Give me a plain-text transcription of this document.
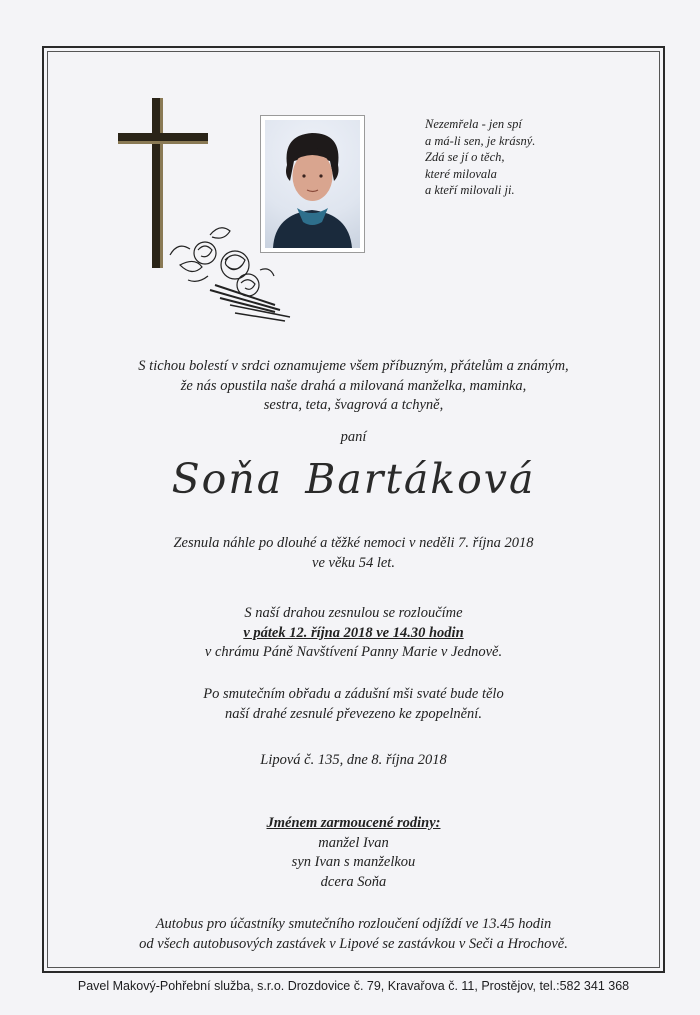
Nezemřela - jen spí
a má-li sen, je krásný.
Zdá se jí o těch,
které milovala
a kteří milovali ji.
S tichou bolestí v srdci oznamujeme všem příbuzným, přátelům a známým,
že nás opustila naše drahá a milovaná manželka, maminka,
sestra, teta, švagrová a tchyně,
paní
Soňa Bartáková
Zesnula náhle po dlouhé a těžké nemoci v neděli 7. října 2018
ve věku 54 let.
S naší drahou zesnulou se rozloučíme
v pátek 12. října 2018 ve 14.30 hodin
v chrámu Páně Navštívení Panny Marie v Jednově.
Po smutečním obřadu a zádušní mši svaté bude tělo
naší drahé zesnulé převezeno ke zpopelnění.
Lipová č. 135, dne 8. října 2018
Jménem zarmoucené rodiny:
manžel Ivan
syn Ivan s manželkou
dcera Soňa
Autobus pro účastníky smutečního rozloučení odjíždí ve 13.45 hodin
od všech autobusových zastávek v Lipové se zastávkou v Seči a Hrochově.
Pavel Makový-Pohřební služba, s.r.o. Drozdovice č. 79, Kravařova č. 11, Prostějov, tel.:582 341 368
